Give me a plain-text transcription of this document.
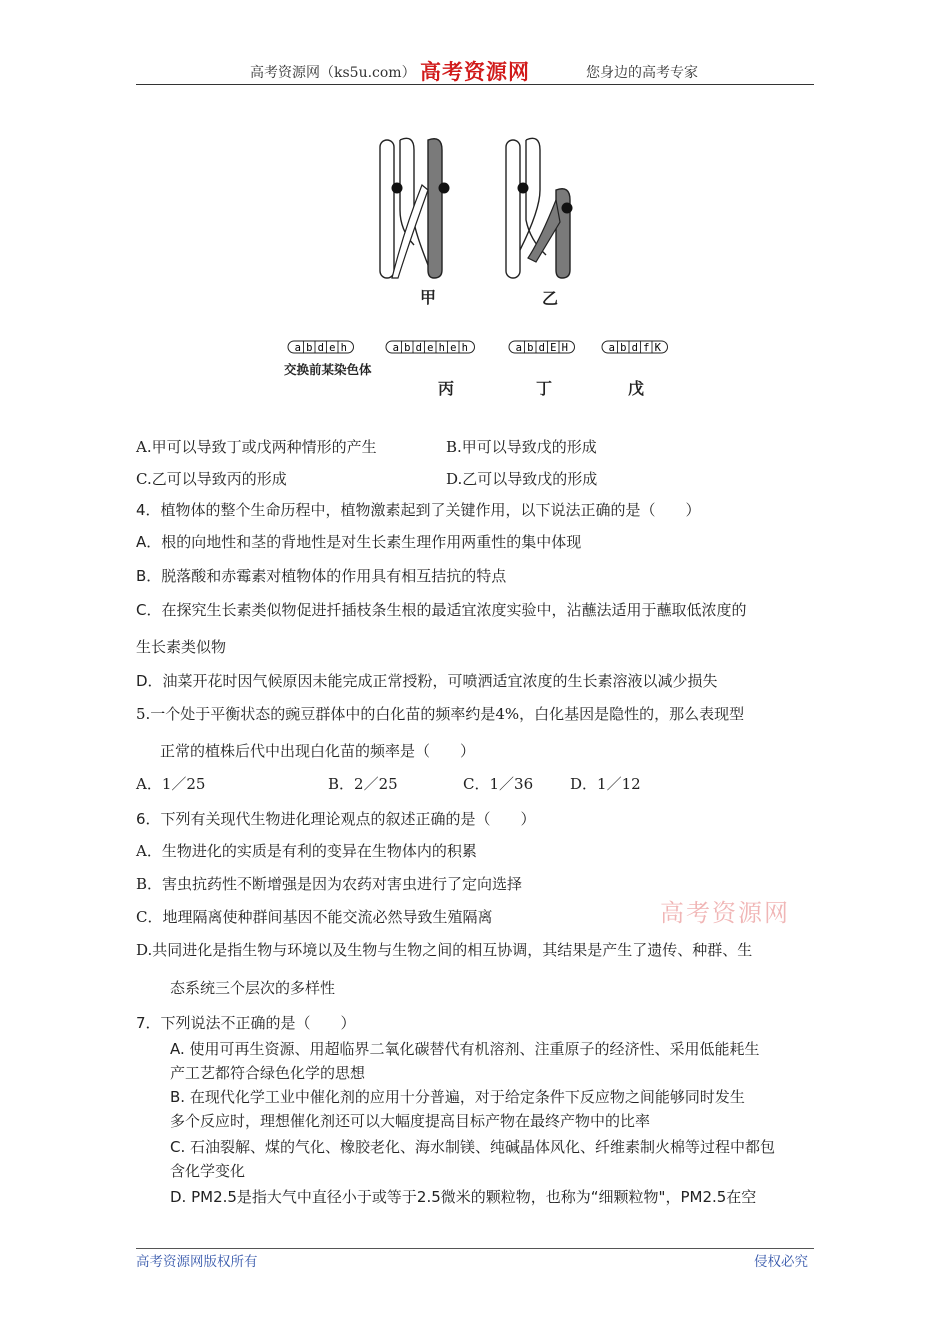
高考资源网（ks5u.com） 高考资源网	您身边的高考专家
甲	乙
a b d e h	a b d e h e h	a b d E H	a b d f K
交换前某染色体
丙	丁	戊
A.甲可以导致丁或戊两种情形的产生	B.甲可以导致戊的形成
C.乙可以导致丙的形成	D.乙可以导致戊的形成
4．植物体的整个生命历程中，植物激素起到了关键作用，以下说法正确的是（　　）
A．根的向地性和茎的背地性是对生长素生理作用两重性的集中体现
B．脱落酸和赤霉素对植物体的作用具有相互拮抗的特点
C．在探究生长素类似物促进扦插枝条生根的最适宜浓度实验中，沾蘸法适用于蘸取低浓度的
生长素类似物
D．油菜开花时因气候原因未能完成正常授粉，可喷洒适宜浓度的生长素溶液以减少损失
5.一个处于平衡状态的豌豆群体中的白化苗的频率约是4%，白化基因是隐性的，那么表现型
正常的植株后代中出现白化苗的频率是（　　）
A．1／25	B．2／25	C．1／36 D．1／12
6．下列有关现代生物进化理论观点的叙述正确的是（　　）
A．生物进化的实质是有利的变异在生物体内的积累
B．害虫抗药性不断增强是因为农药对害虫进行了定向选择
C．地理隔离使种群间基因不能交流必然导致生殖隔离
D.共同进化是指生物与环境以及生物与生物之间的相互协调，其结果是产生了遗传、种群、生
态系统三个层次的多样性
高考资源网
7．下列说法不正确的是（　　）
A. 使用可再生资源、用超临界二氧化碳替代有机溶剂、注重原子的经济性、采用低能耗生
产工艺都符合绿色化学的思想
B. 在现代化学工业中催化剂的应用十分普遍，对于给定条件下反应物之间能够同时发生
多个反应时，理想催化剂还可以大幅度提高目标产物在最终产物中的比率
C. 石油裂解、煤的气化、橡胶老化、海水制镁、纯碱晶体风化、纤维素制火棉等过程中都包
含化学变化
D. PM2.5是指大气中直径小于或等于2.5微米的颗粒物，也称为“细颗粒物"，PM2.5在空
高考资源网版权所有	侵权必究
